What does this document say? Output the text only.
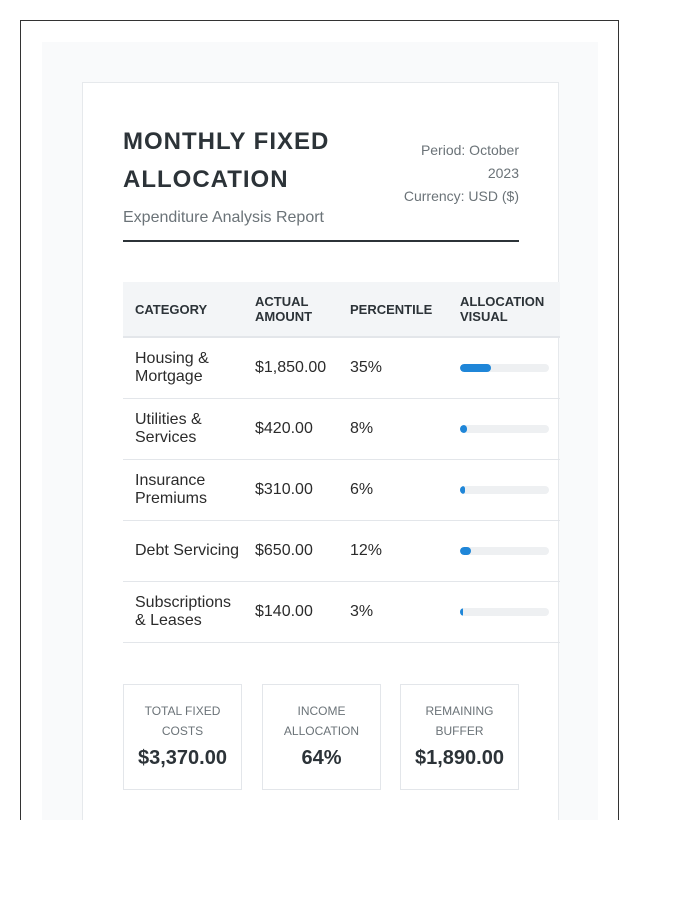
MONTHLY FIXED ALLOCATION
Expenditure Analysis Report
Period: October 2023
Currency: USD ($)
CATEGORY	ACTUAL AMOUNT	PERCENTILE	ALLOCATION VISUAL
Housing & Mortgage	$1,850.00	35%	

Utilities & Services	$420.00	8%	

Insurance Premiums	$310.00	6%	

Debt Servicing	$650.00	12%	

Subscriptions & Leases	$140.00	3%	
TOTAL FIXED COSTS
$3,370.00
INCOME ALLOCATION
64%
REMAINING BUFFER
$1,890.00
